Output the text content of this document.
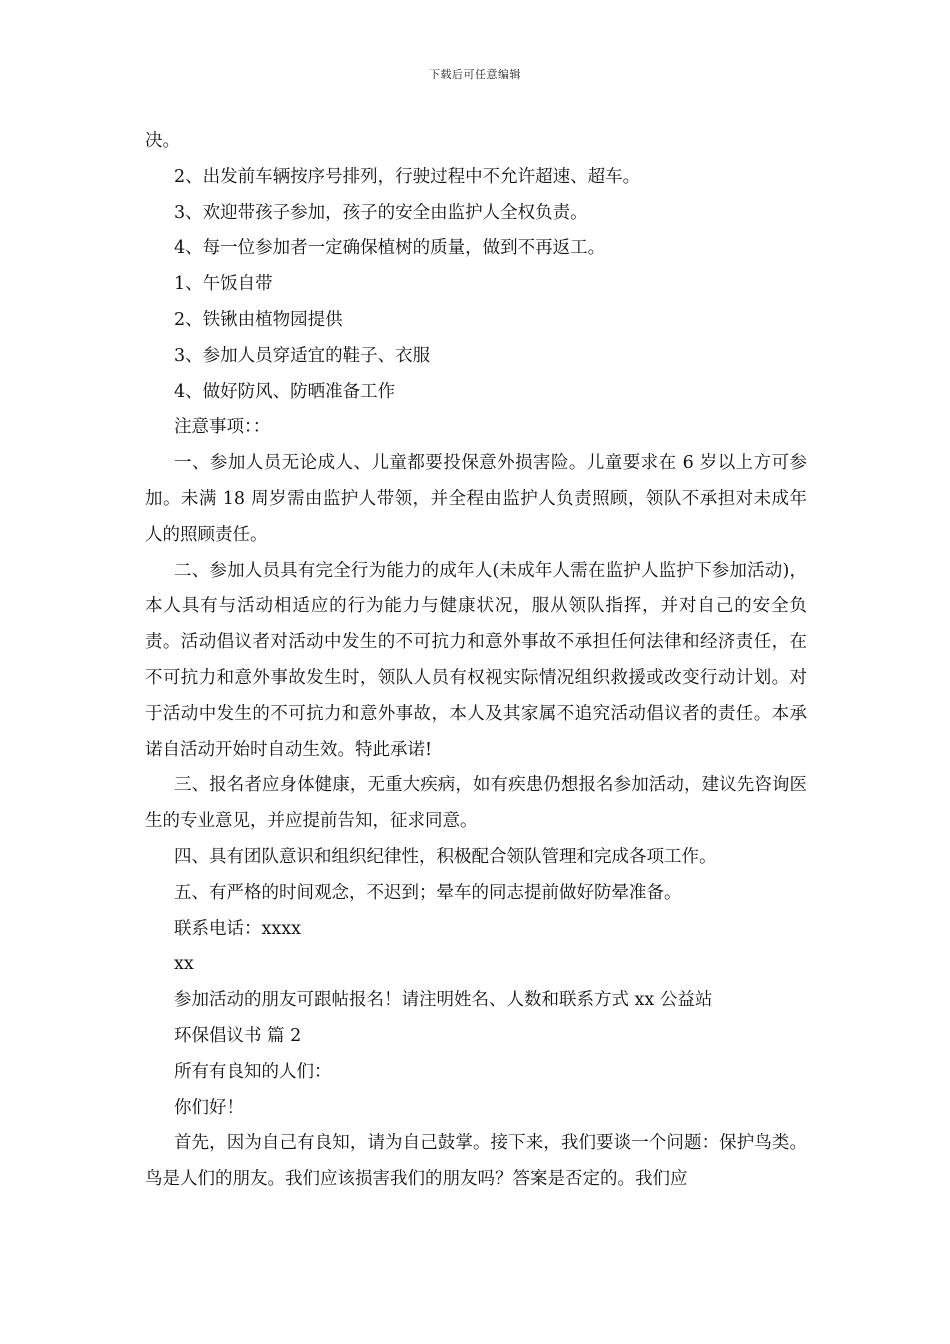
下载后可任意编辑

决。

2、出发前车辆按序号排列，行驶过程中不允许超速、超车。

3、欢迎带孩子参加，孩子的安全由监护人全权负责。

4、每一位参加者一定确保植树的质量，做到不再返工。

1、午饭自带

2、铁锹由植物园提供

3、参加人员穿适宜的鞋子、衣服

4、做好防风、防晒准备工作

注意事项：：

一、参加人员无论成人、儿童都要投保意外损害险。儿童要求在 6 岁以上方可参加。未满 18 周岁需由监护人带领，并全程由监护人负责照顾，领队不承担对未成年人的照顾责任。

二、参加人员具有完全行为能力的成年人(未成年人需在监护人监护下参加活动)，本人具有与活动相适应的行为能力与健康状况，服从领队指挥，并对自己的安全负责。活动倡议者对活动中发生的不可抗力和意外事故不承担任何法律和经济责任，在不可抗力和意外事故发生时，领队人员有权视实际情况组织救援或改变行动计划。对于活动中发生的不可抗力和意外事故，本人及其家属不追究活动倡议者的责任。本承诺自活动开始时自动生效。特此承诺!

三、报名者应身体健康，无重大疾病，如有疾患仍想报名参加活动，建议先咨询医生的专业意见，并应提前告知，征求同意。

四、具有团队意识和组织纪律性，积极配合领队管理和完成各项工作。

五、有严格的时间观念，不迟到；晕车的同志提前做好防晕准备。

联系电话：xxxx

xx

参加活动的朋友可跟帖报名！请注明姓名、人数和联系方式 xx 公益站

环保倡议书 篇 2

所有有良知的人们：

你们好！

首先，因为自己有良知，请为自己鼓掌。接下来，我们要谈一个问题：保护鸟类。鸟是人们的朋友。我们应该损害我们的朋友吗？答案是否定的。我们应
